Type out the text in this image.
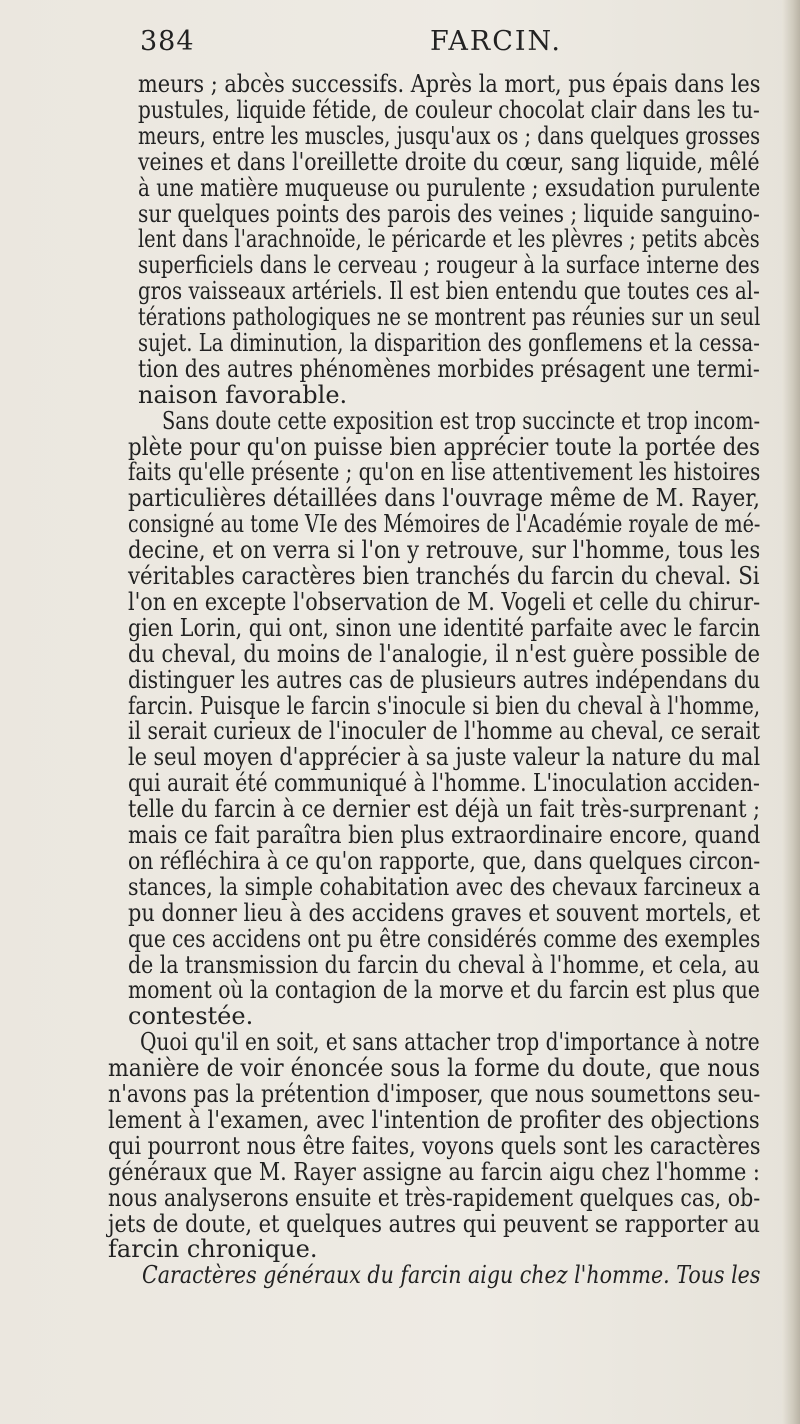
384	FARCIN.
meurs ; abcès successifs. Après la mort, pus épais dans les
pustules, liquide fétide, de couleur chocolat clair dans les tu-
meurs, entre les muscles, jusqu'aux os ; dans quelques grosses
veines et dans l'oreillette droite du cœur, sang liquide, mêlé
à une matière muqueuse ou purulente ; exsudation purulente
sur quelques points des parois des veines ; liquide sanguino-
lent dans l'arachnoïde, le péricarde et les plèvres ; petits abcès
superficiels dans le cerveau ; rougeur à la surface interne des
gros vaisseaux artériels. Il est bien entendu que toutes ces al-
térations pathologiques ne se montrent pas réunies sur un seul
sujet. La diminution, la disparition des gonflemens et la cessa-
tion des autres phénomènes morbides présagent une termi-
naison favorable.
Sans doute cette exposition est trop succincte et trop incom-
plète pour qu'on puisse bien apprécier toute la portée des
faits qu'elle présente ; qu'on en lise attentivement les histoires
particulières détaillées dans l'ouvrage même de M. Rayer,
consigné au tome VIe des Mémoires de l'Académie royale de mé-
decine, et on verra si l'on y retrouve, sur l'homme, tous les
véritables caractères bien tranchés du farcin du cheval. Si
l'on en excepte l'observation de M. Vogeli et celle du chirur-
gien Lorin, qui ont, sinon une identité parfaite avec le farcin
du cheval, du moins de l'analogie, il n'est guère possible de
distinguer les autres cas de plusieurs autres indépendans du
farcin. Puisque le farcin s'inocule si bien du cheval à l'homme,
il serait curieux de l'inoculer de l'homme au cheval, ce serait
le seul moyen d'apprécier à sa juste valeur la nature du mal
qui aurait été communiqué à l'homme. L'inoculation acciden-
telle du farcin à ce dernier est déjà un fait très-surprenant ;
mais ce fait paraîtra bien plus extraordinaire encore, quand
on réfléchira à ce qu'on rapporte, que, dans quelques circon-
stances, la simple cohabitation avec des chevaux farcineux a
pu donner lieu à des accidens graves et souvent mortels, et
que ces accidens ont pu être considérés comme des exemples
de la transmission du farcin du cheval à l'homme, et cela, au
moment où la contagion de la morve et du farcin est plus que
contestée.
Quoi qu'il en soit, et sans attacher trop d'importance à notre
manière de voir énoncée sous la forme du doute, que nous
n'avons pas la prétention d'imposer, que nous soumettons seu-
lement à l'examen, avec l'intention de profiter des objections
qui pourront nous être faites, voyons quels sont les caractères
généraux que M. Rayer assigne au farcin aigu chez l'homme :
nous analyserons ensuite et très-rapidement quelques cas, ob-
jets de doute, et quelques autres qui peuvent se rapporter au
farcin chronique.
Caractères généraux du farcin aigu chez l'homme. Tous les
